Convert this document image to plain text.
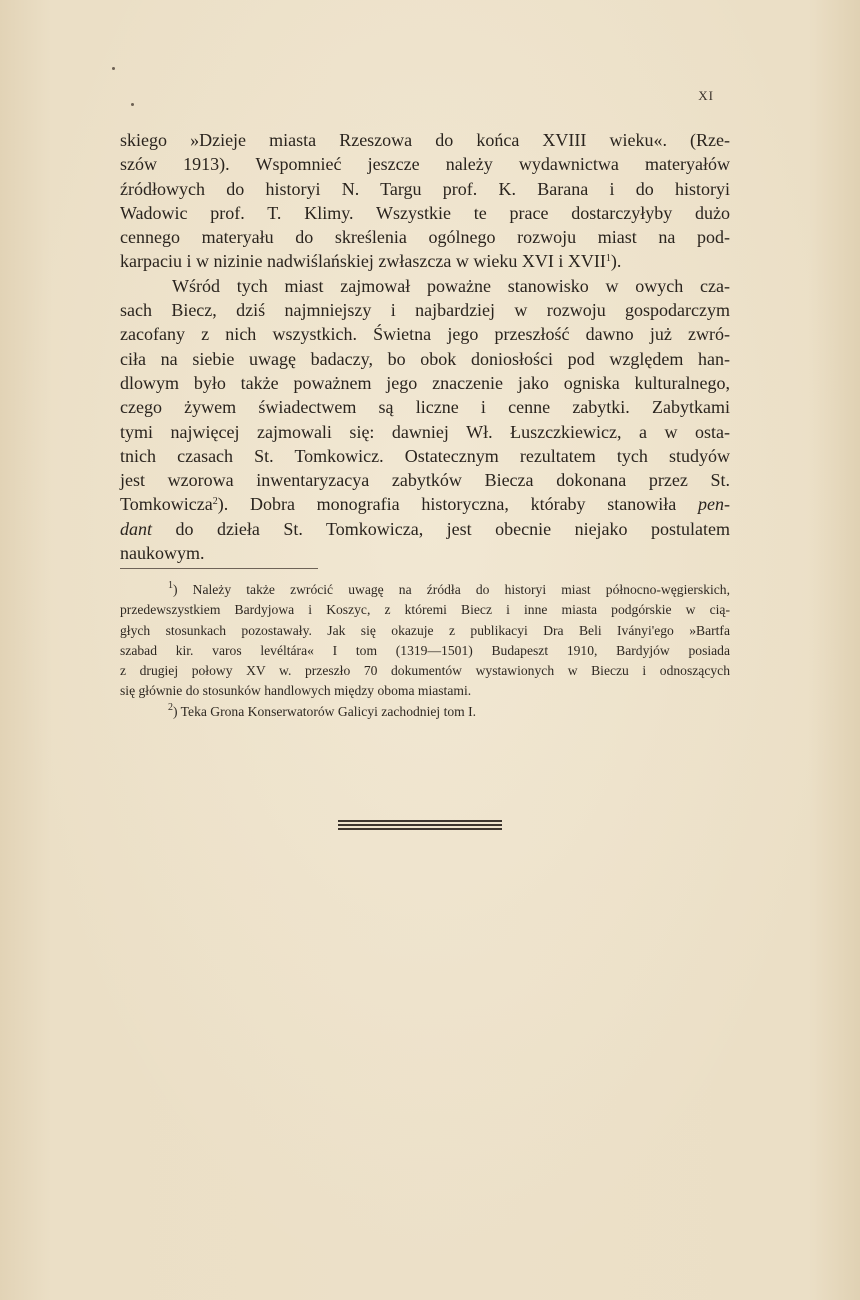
XI

skiego »Dzieje miasta Rzeszowa do końca XVIII wieku«. (Rze-
szów 1913). Wspomnieć jeszcze należy wydawnictwa materyałów
źródłowych do historyi N. Targu prof. K. Barana i do historyi
Wadowic prof. T. Klimy. Wszystkie te prace dostarczyłyby dużo
cennego materyału do skreślenia ogólnego rozwoju miast na pod-
karpaciu i w nizinie nadwiślańskiej zwłaszcza w wieku XVI i XVII$^1$).

Wśród tych miast zajmował poważne stanowisko w owych cza-
sach Biecz, dziś najmniejszy i najbardziej w rozwoju gospodarczym
zacofany z nich wszystkich. Świetna jego przeszłość dawno już zwró-
ciła na siebie uwagę badaczy, bo obok doniosłości pod względem han-
dlowym było także poważnem jego znaczenie jako ogniska kulturalnego,
czego żywem świadectwem są liczne i cenne zabytki. Zabytkami
tymi najwięcej zajmowali się: dawniej Wł. Łuszczkiewicz, a w osta-
tnich czasach St. Tomkowicz. Ostatecznym rezultatem tych studyów
jest wzorowa inwentaryzacya zabytków Biecza dokonana przez St.
Tomkowicza$^2$). Dobra monografia historyczna, któraby stanowiła pen-
dant do dzieła St. Tomkowicza, jest obecnie niejako postulatem
naukowym.

$^1$) Należy także zwrócić uwagę na źródła do historyi miast północno-węgierskich,
przedewszystkiem Bardyjowa i Koszyc, z któremi Biecz i inne miasta podgórskie w cią-
głych stosunkach pozostawały. Jak się okazuje z publikacyi Dra Beli Iványi'ego »Bartfa
szabad kir. varos levéltára« I tom (1319—1501) Budapeszt 1910, Bardyjów posiada
z drugiej połowy XV w. przeszło 70 dokumentów wystawionych w Bieczu i odnoszących
się głównie do stosunków handlowych między oboma miastami.
$^2$) Teka Grona Konserwatorów Galicyi zachodniej tom I.
